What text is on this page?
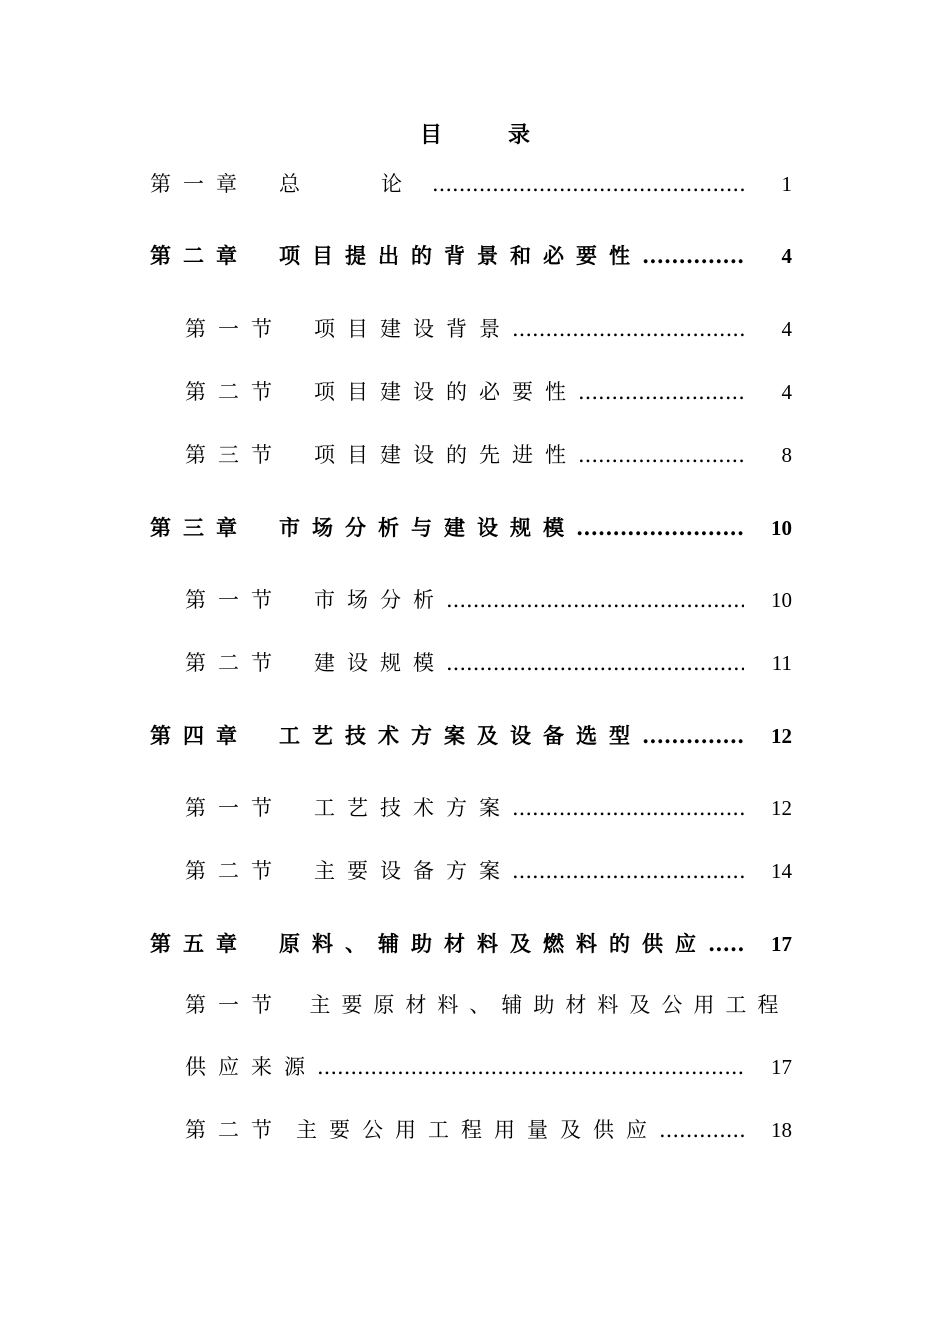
目　录
第一章 总　论 .....	1
第二章 项目提出的背景和必要性 .....	4
第一节 项目建设背景 .....	4
第二节 项目建设的必要性 .....	4
第三节 项目建设的先进性 .....	8
第三章 市场分析与建设规模 .....	10
第一节 市场分析 .....	10
第二节 建设规模 .....	11
第四章 工艺技术方案及设备选型 .....	12
第一节 工艺技术方案 .....	12
第二节 主要设备方案 .....	14
第五章 原料、辅助材料及燃料的供应 .....	17
第一节 主要原材料、辅助材料及公用工程
供应来源 .....	17
第二节 主要公用工程用量及供应 .....	18
